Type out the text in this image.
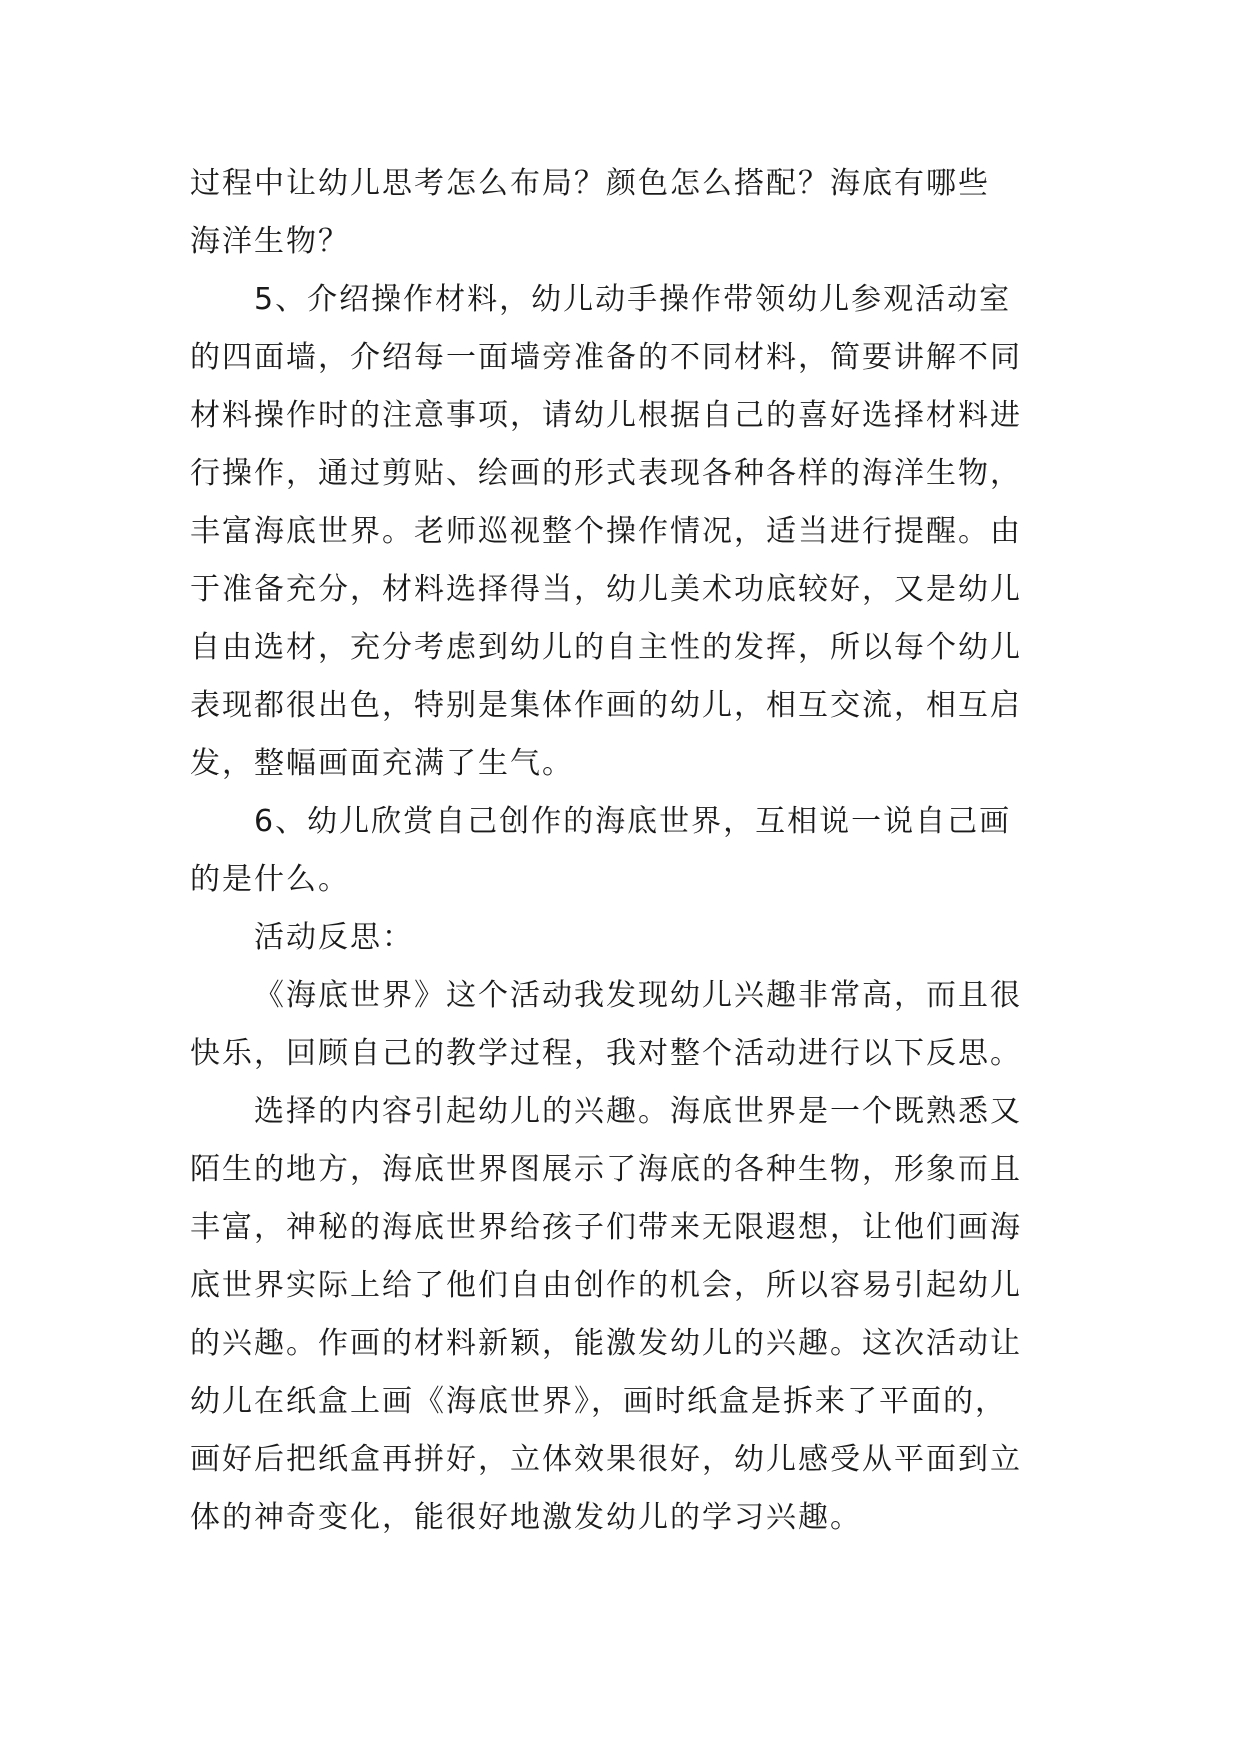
过程中让幼儿思考怎么布局？颜色怎么搭配？海底有哪些
海洋生物？
5、介绍操作材料，幼儿动手操作带领幼儿参观活动室
的四面墙，介绍每一面墙旁准备的不同材料，简要讲解不同
材料操作时的注意事项，请幼儿根据自己的喜好选择材料进
行操作，通过剪贴、绘画的形式表现各种各样的海洋生物，
丰富海底世界。老师巡视整个操作情况，适当进行提醒。由
于准备充分，材料选择得当，幼儿美术功底较好，又是幼儿
自由选材，充分考虑到幼儿的自主性的发挥，所以每个幼儿
表现都很出色，特别是集体作画的幼儿，相互交流，相互启
发，整幅画面充满了生气。
6、幼儿欣赏自己创作的海底世界，互相说一说自己画
的是什么。
活动反思：
《海底世界》这个活动我发现幼儿兴趣非常高，而且很
快乐，回顾自己的教学过程，我对整个活动进行以下反思。
选择的内容引起幼儿的兴趣。海底世界是一个既熟悉又
陌生的地方，海底世界图展示了海底的各种生物，形象而且
丰富，神秘的海底世界给孩子们带来无限遐想，让他们画海
底世界实际上给了他们自由创作的机会，所以容易引起幼儿
的兴趣。作画的材料新颖，能激发幼儿的兴趣。这次活动让
幼儿在纸盒上画《海底世界》，画时纸盒是拆来了平面的，
画好后把纸盒再拼好，立体效果很好，幼儿感受从平面到立
体的神奇变化，能很好地激发幼儿的学习兴趣。
